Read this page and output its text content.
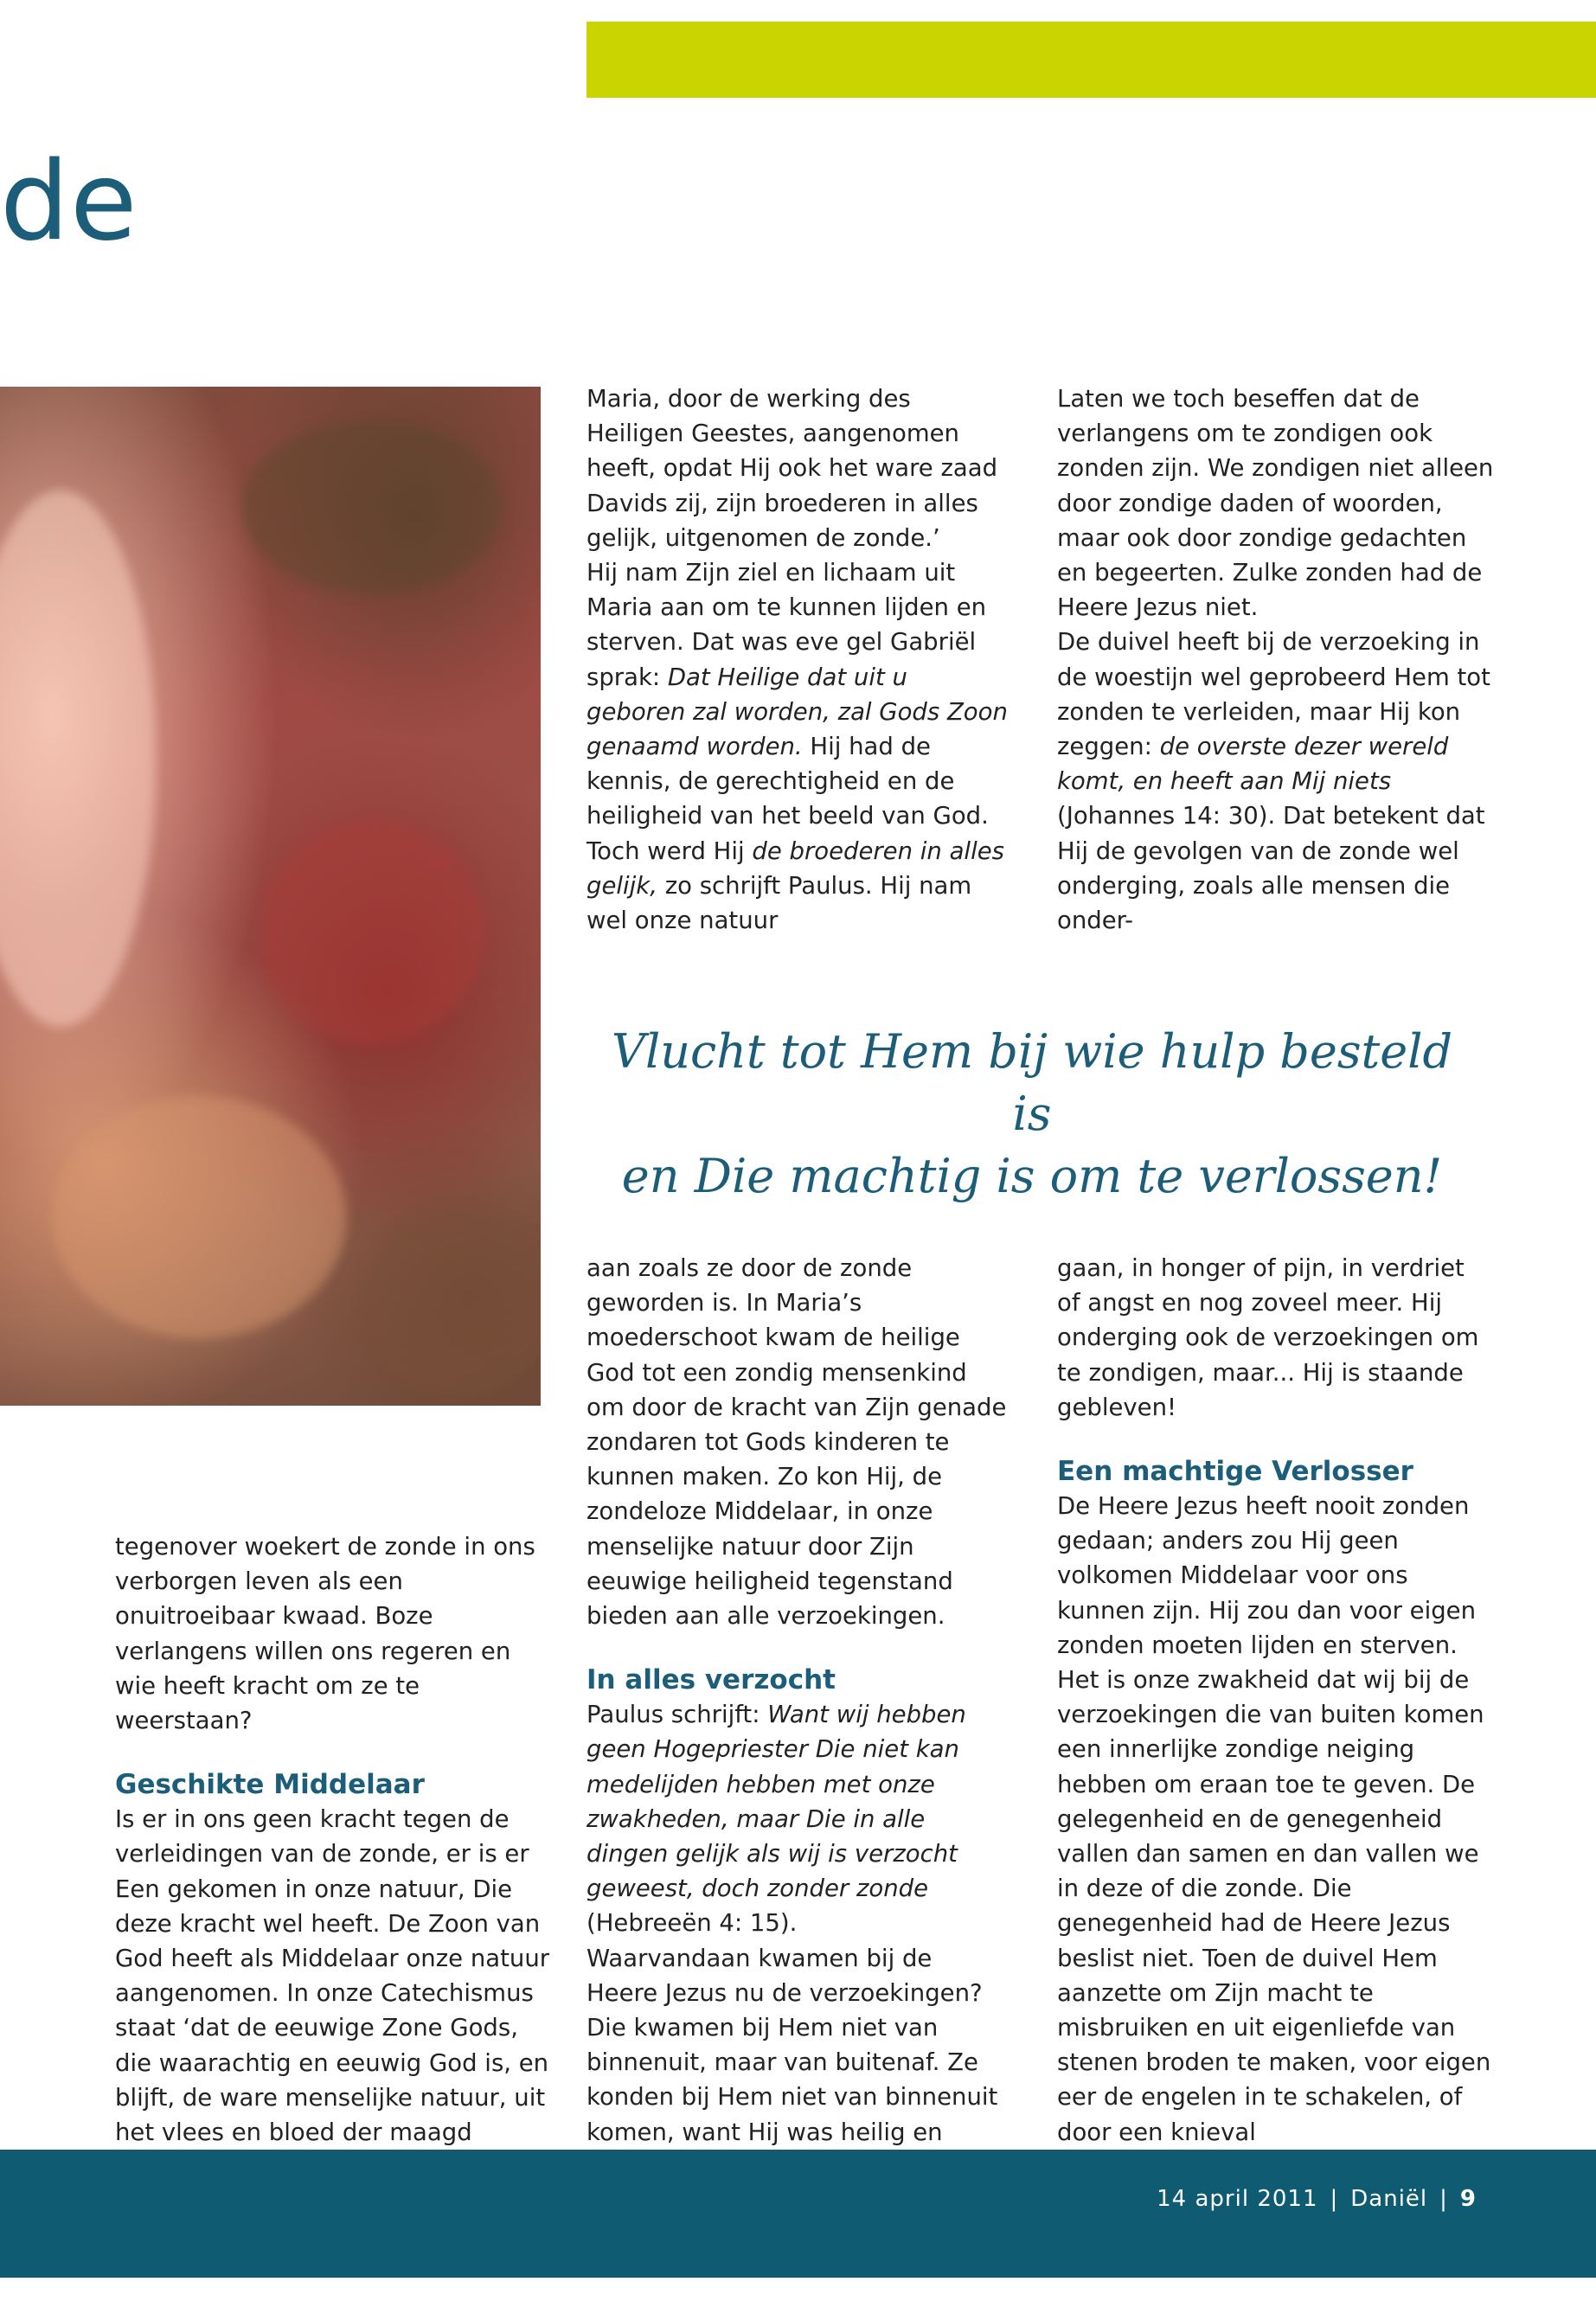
de

Maria, door de werking des Heiligen Geestes, aangenomen heeft, opdat Hij ook het ware zaad Davids zij, zijn broederen in alles gelijk, uitgenomen de zonde.’

Hij nam Zijn ziel en lichaam uit Maria aan om te kunnen lijden en sterven. Dat was eve gel Gabriël sprak: Dat Heilige dat uit u geboren zal worden, zal Gods Zoon genaamd worden. Hij had de kennis, de gerechtigheid en de heiligheid van het beeld van God. Toch werd Hij de broederen in alles gelijk, zo schrijft Paulus. Hij nam wel onze natuur

Laten we toch beseffen dat de verlangens om te zondigen ook zonden zijn. We zondigen niet alleen door zondige daden of woorden, maar ook door zondige gedachten en begeerten. Zulke zonden had de Heere Jezus niet.

De duivel heeft bij de verzoeking in de woestijn wel geprobeerd Hem tot zonden te verleiden, maar Hij kon zeggen: de overste dezer wereld komt, en heeft aan Mij niets (Johannes 14: 30). Dat betekent dat Hij de gevolgen van de zonde wel onderging, zoals alle mensen die onder-

Vlucht tot Hem bij wie hulp besteld is
en Die machtig is om te verlossen!

tegenover woekert de zonde in ons verborgen leven als een onuitroeibaar kwaad. Boze verlangens willen ons regeren en wie heeft kracht om ze te weerstaan?

Geschikte Middelaar

Is er in ons geen kracht tegen de verleidingen van de zonde, er is er Een gekomen in onze natuur, Die deze kracht wel heeft. De Zoon van God heeft als Middelaar onze natuur aangenomen. In onze Catechismus staat ‘dat de eeuwige Zone Gods, die waarachtig en eeuwig God is, en blijft, de ware menselijke natuur, uit het vlees en bloed der maagd

aan zoals ze door de zonde geworden is. In Maria’s moederschoot kwam de heilige God tot een zondig mensenkind om door de kracht van Zijn genade zondaren tot Gods kinderen te kunnen maken. Zo kon Hij, de zondeloze Middelaar, in onze menselijke natuur door Zijn eeuwige heiligheid tegenstand bieden aan alle verzoekingen.

In alles verzocht

Paulus schrijft: Want wij hebben geen Hogepriester Die niet kan medelijden hebben met onze zwakheden, maar Die in alle dingen gelijk als wij is verzocht geweest, doch zonder zonde (Hebreeën 4: 15).

Waarvandaan kwamen bij de Heere Jezus nu de verzoekingen? Die kwamen bij Hem niet van binnenuit, maar van buitenaf. Ze konden bij Hem niet van binnenuit komen, want Hij was heilig en

gaan, in honger of pijn, in verdriet of angst en nog zoveel meer. Hij onderging ook de verzoekingen om te zondigen, maar... Hij is staande gebleven!

Een machtige Verlosser

De Heere Jezus heeft nooit zonden gedaan; anders zou Hij geen volkomen Middelaar voor ons kunnen zijn. Hij zou dan voor eigen zonden moeten lijden en sterven.

Het is onze zwakheid dat wij bij de verzoekingen die van buiten komen een innerlijke zondige neiging hebben om eraan toe te geven. De gelegenheid en de genegenheid vallen dan samen en dan vallen we in deze of die zonde. Die genegenheid had de Heere Jezus beslist niet. Toen de duivel Hem aanzette om Zijn macht te misbruiken en uit eigenliefde van stenen broden te maken, voor eigen eer de engelen in te schakelen, of door een knieval

14 april 2011 | Daniël | 9
